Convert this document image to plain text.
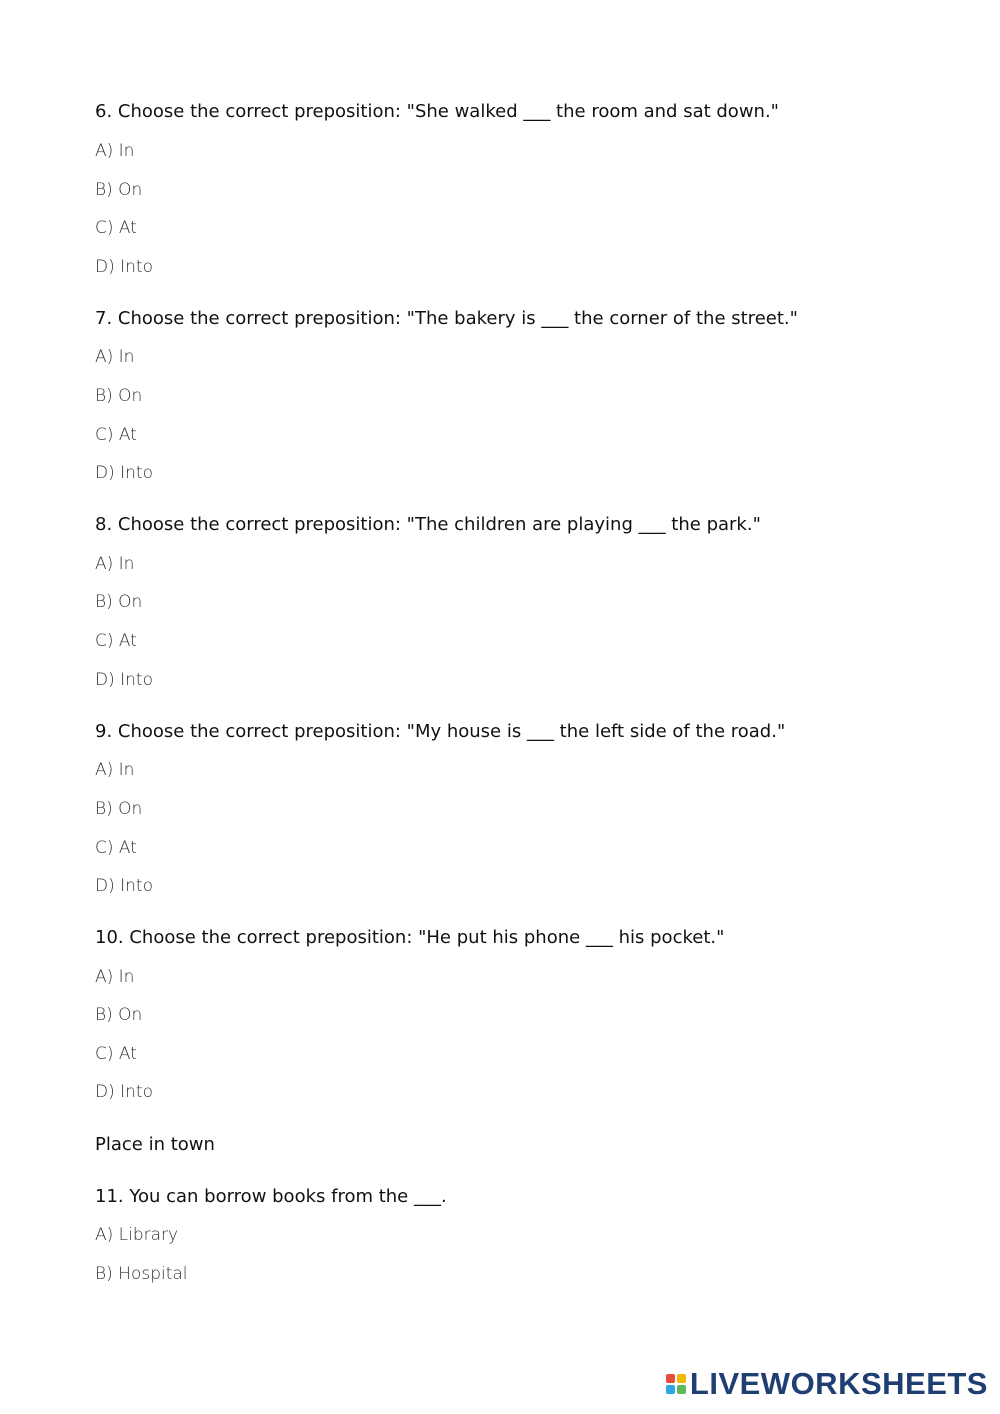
6. Choose the correct preposition: "She walked ___ the room and sat down."
A) In
B) On
C) At
D) Into
7. Choose the correct preposition: "The bakery is ___ the corner of the street."
A) In
B) On
C) At
D) Into
8. Choose the correct preposition: "The children are playing ___ the park."
A) In
B) On
C) At
D) Into
9. Choose the correct preposition: "My house is ___ the left side of the road."
A) In
B) On
C) At
D) Into
10. Choose the correct preposition: "He put his phone ___ his pocket."
A) In
B) On
C) At
D) Into
Place in town
11. You can borrow books from the ___.
A) Library
B) Hospital
LIVEWORKSHEETS
